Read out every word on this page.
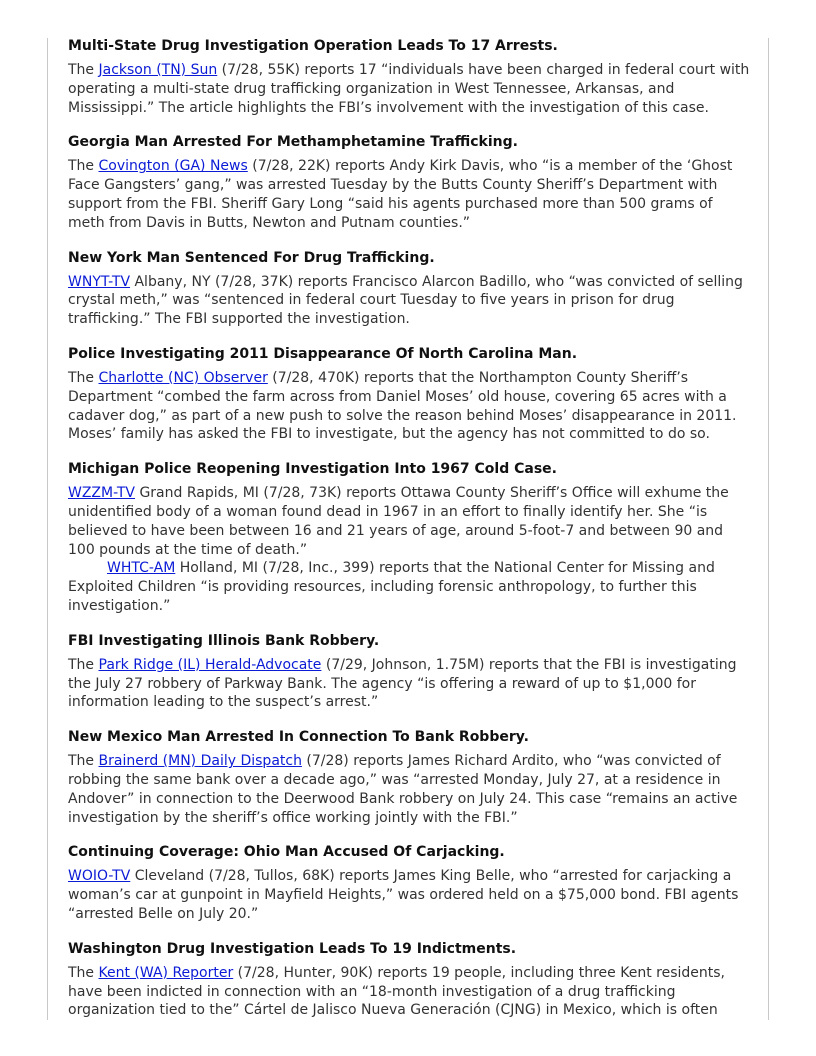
Multi-State Drug Investigation Operation Leads To 17 Arrests.

The Jackson (TN) Sun (7/28, 55K) reports 17 “individuals have been charged in federal court with operating a multi-state drug trafficking organization in West Tennessee, Arkansas, and Mississippi.” The article highlights the FBI’s involvement with the investigation of this case.

Georgia Man Arrested For Methamphetamine Trafficking.

The Covington (GA) News (7/28, 22K) reports Andy Kirk Davis, who “is a member of the ‘Ghost Face Gangsters’ gang,” was arrested Tuesday by the Butts County Sheriff’s Department with support from the FBI. Sheriff Gary Long “said his agents purchased more than 500 grams of meth from Davis in Butts, Newton and Putnam counties.”

New York Man Sentenced For Drug Trafficking.

WNYT-TV Albany, NY (7/28, 37K) reports Francisco Alarcon Badillo, who “was convicted of selling crystal meth,” was “sentenced in federal court Tuesday to five years in prison for drug trafficking.” The FBI supported the investigation.

Police Investigating 2011 Disappearance Of North Carolina Man.

The Charlotte (NC) Observer (7/28, 470K) reports that the Northampton County Sheriff’s Department “combed the farm across from Daniel Moses’ old house, covering 65 acres with a cadaver dog,” as part of a new push to solve the reason behind Moses’ disappearance in 2011. Moses’ family has asked the FBI to investigate, but the agency has not committed to do so.

Michigan Police Reopening Investigation Into 1967 Cold Case.

WZZM-TV Grand Rapids, MI (7/28, 73K) reports Ottawa County Sheriff’s Office will exhume the unidentified body of a woman found dead in 1967 in an effort to finally identify her. She “is believed to have been between 16 and 21 years of age, around 5-foot-7 and between 90 and 100 pounds at the time of death.”

WHTC-AM Holland, MI (7/28, Inc., 399) reports that the National Center for Missing and Exploited Children “is providing resources, including forensic anthropology, to further this investigation.”

FBI Investigating Illinois Bank Robbery.

The Park Ridge (IL) Herald-Advocate (7/29, Johnson, 1.75M) reports that the FBI is investigating the July 27 robbery of Parkway Bank. The agency “is offering a reward of up to $1,000 for information leading to the suspect’s arrest.”

New Mexico Man Arrested In Connection To Bank Robbery.

The Brainerd (MN) Daily Dispatch (7/28) reports James Richard Ardito, who “was convicted of robbing the same bank over a decade ago,” was “arrested Monday, July 27, at a residence in Andover” in connection to the Deerwood Bank robbery on July 24. This case “remains an active investigation by the sheriff’s office working jointly with the FBI.”

Continuing Coverage: Ohio Man Accused Of Carjacking.

WOIO-TV Cleveland (7/28, Tullos, 68K) reports James King Belle, who “arrested for carjacking a woman’s car at gunpoint in Mayfield Heights,” was ordered held on a $75,000 bond. FBI agents “arrested Belle on July 20.”

Washington Drug Investigation Leads To 19 Indictments.

The Kent (WA) Reporter (7/28, Hunter, 90K) reports 19 people, including three Kent residents, have been indicted in connection with an “18-month investigation of a drug trafficking organization tied to the” Cártel de Jalisco Nueva Generación (CJNG) in Mexico, which is often
